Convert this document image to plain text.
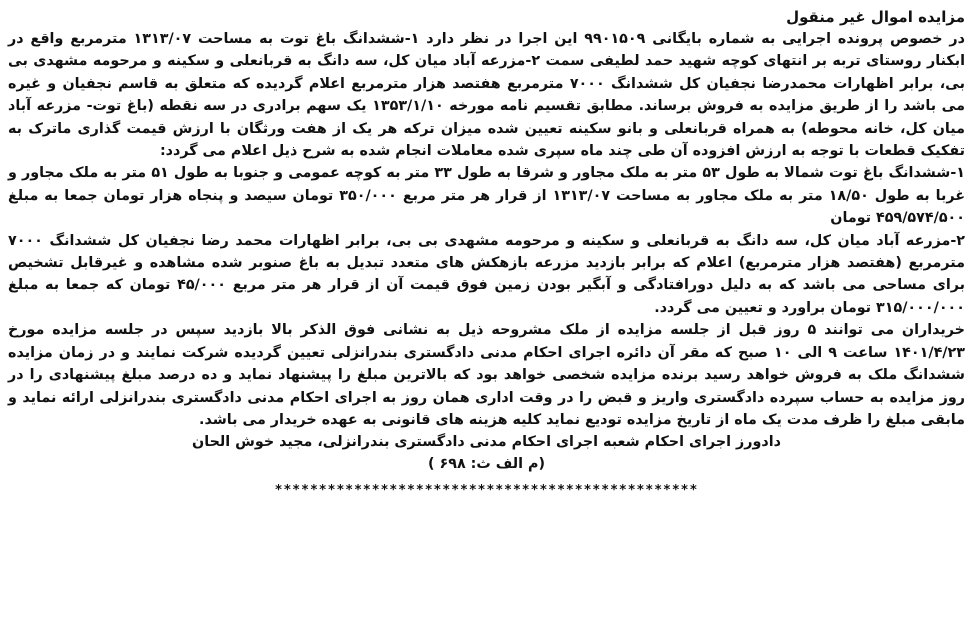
مزایده اموال غیر منقول

در خصوص پرونده اجرایی به شماره بایگانی ۹۹۰۱۵۰۹ این اجرا در نظر دارد ۱-ششدانگ باغ توت به مساحت ۱۳۱۳/۰۷ مترمربع واقع در ابکنار روستای تربه بر انتهای کوچه شهید حمد لطیفی سمت ۲-مزرعه آباد میان کل، سه دانگ به قربانعلی و سکینه و مرحومه مشهدی بی بی، برابر اظهارات محمدرضا نجفیان کل ششدانگ ۷۰۰۰ مترمربع هفتصد هزار مترمربع اعلام گردیده که متعلق به قاسم نجفیان و غیره می باشد را از طریق مزایده به فروش برساند. مطابق تقسیم نامه مورخه ۱۳۵۳/۱/۱۰ یک سهم برادری در سه نقطه (باغ توت- مزرعه آباد میان کل، خانه محوطه) به همراه قربانعلی و بانو سکینه تعیین شده میزان ترکه هر یک از هفت ورثگان با ارزش قیمت گذاری ماترک به تفکیک قطعات با توجه به ارزش افزوده آن طی چند ماه سپری شده معاملات انجام شده به شرح ذیل اعلام می گردد:

۱-ششدانگ باغ توت شمالا به طول ۵۳ متر به ملک مجاور و شرقا به طول ۳۳ متر به کوچه عمومی و جنوبا به طول ۵۱ متر به ملک مجاور و غربا به طول ۱۸/۵۰ متر به ملک مجاور به مساحت ۱۳۱۳/۰۷ از قرار هر متر مربع ۳۵۰/۰۰۰ تومان سیصد و پنجاه هزار تومان جمعا به مبلغ ۴۵۹/۵۷۴/۵۰۰ تومان

۲-مزرعه آباد میان کل، سه دانگ به قربانعلی و سکینه و مرحومه مشهدی بی بی، برابر اظهارات محمد رضا نجفیان کل ششدانگ ۷۰۰۰ مترمربع (هفتصد هزار مترمربع) اعلام که برابر بازدید مزرعه بازهکش های متعدد تبدیل به باغ صنوبر شده مشاهده و غیرقابل تشخیص برای مساحی می باشد که به دلیل دورافتادگی و آبگیر بودن زمین فوق قیمت آن از قرار هر متر مربع ۴۵/۰۰۰ تومان که جمعا به مبلغ ۳۱۵/۰۰۰/۰۰۰ تومان براورد و تعیین می گردد.

خریداران می توانند ۵ روز قبل از جلسه مزایده از ملک مشروحه ذیل به نشانی فوق الذکر بالا بازدید سپس در جلسه مزایده مورخ ۱۴۰۱/۴/۲۳ ساعت ۹ الی ۱۰ صبح که مقر آن دائره اجرای احکام مدنی دادگستری بندرانزلی تعیین گردیده شرکت نمایند و در زمان مزایده ششدانگ ملک به فروش خواهد رسید برنده مزایده شخصی خواهد بود که بالاترین مبلغ را پیشنهاد نماید و ده درصد مبلغ پیشنهادی را در روز مزایده به حساب سپرده دادگستری واریز و قبض را در وقت اداری همان روز به اجرای احکام مدنی دادگستری بندرانزلی ارائه نماید و مابقی مبلغ را ظرف مدت یک ماه از تاریخ مزایده تودیع نماید کلیه هزینه های قانونی به عهده خریدار می باشد.

دادورز اجرای احکام شعبه اجرای احکام مدنی دادگستری بندرانزلی، مجید خوش الحان
(م الف ث: ۶۹۸ )
************************************************
